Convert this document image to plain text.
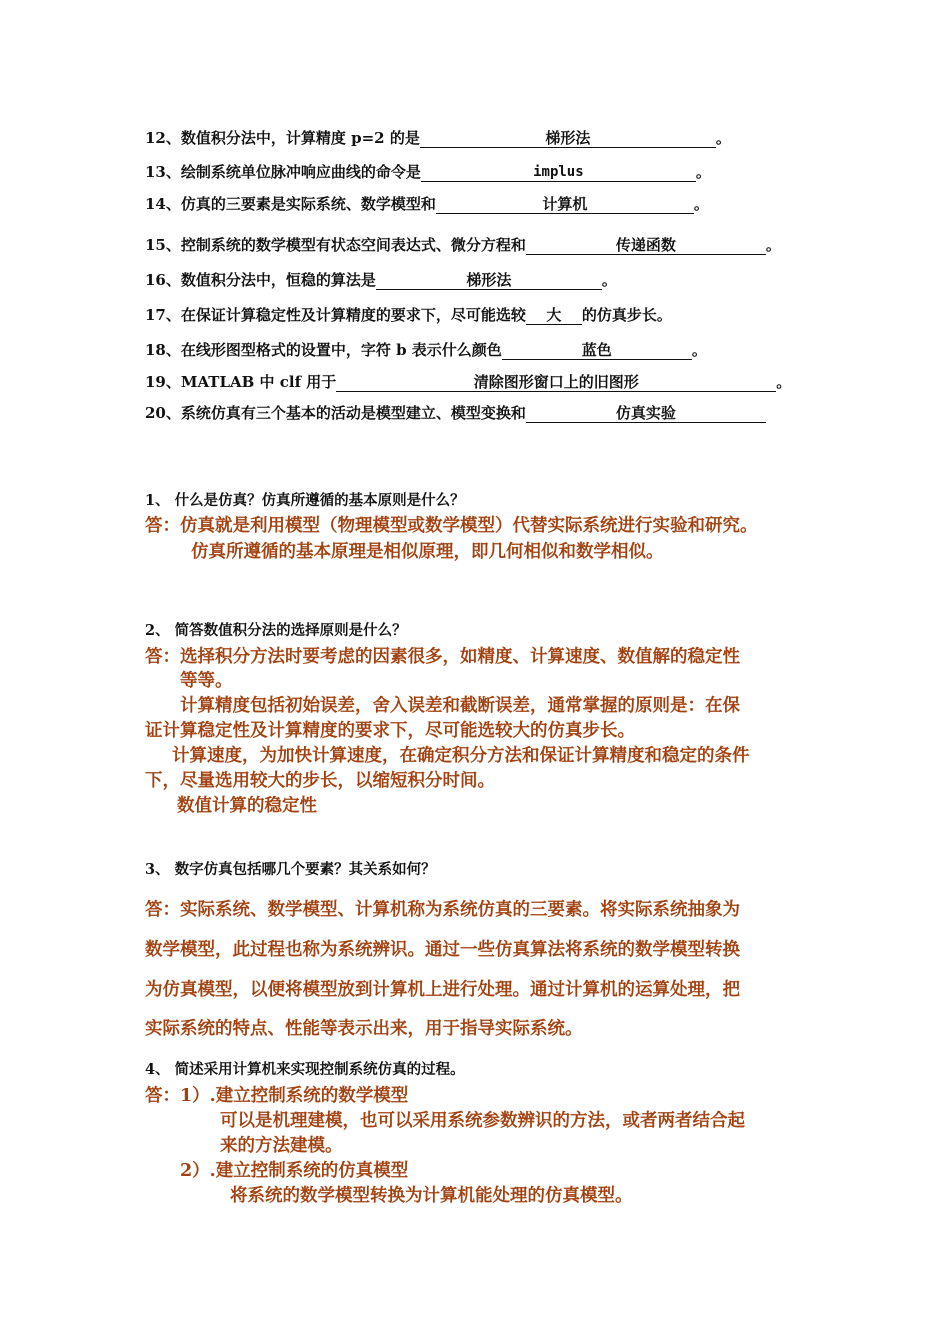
12、数值积分法中，计算精度 p=2 的是	梯形法	。
13、绘制系统单位脉冲响应曲线的命令是	implus	。
14、仿真的三要素是实际系统、数学模型和	计算机	。
15、控制系统的数学模型有状态空间表达式、微分方程和	传递函数	。
16、数值积分法中，恒稳的算法是	梯形法	。
17、在保证计算稳定性及计算精度的要求下，尽可能选较 大 的仿真步长。
18、在线形图型格式的设置中，字符 b 表示什么颜色	蓝色	。
19、MATLAB 中 clf 用于	清除图形窗口上的旧图形	。
20、系统仿真有三个基本的活动是模型建立、模型变换和	仿真实验
1、 什么是仿真？仿真所遵循的基本原则是什么？
答：仿真就是利用模型（物理模型或数学模型）代替实际系统进行实验和研究。
仿真所遵循的基本原理是相似原理，即几何相似和数学相似。
2、 简答数值积分法的选择原则是什么？
答：选择积分方法时要考虑的因素很多，如精度、计算速度、数值解的稳定性
等等。
计算精度包括初始误差，舍入误差和截断误差，通常掌握的原则是：在保
证计算稳定性及计算精度的要求下，尽可能选较大的仿真步长。
计算速度，为加快计算速度，在确定积分方法和保证计算精度和稳定的条件
下，尽量选用较大的步长，以缩短积分时间。
数值计算的稳定性
3、 数字仿真包括哪几个要素？其关系如何？
答：实际系统、数学模型、计算机称为系统仿真的三要素。将实际系统抽象为
数学模型，此过程也称为系统辨识。通过一些仿真算法将系统的数学模型转换
为仿真模型，以便将模型放到计算机上进行处理。通过计算机的运算处理，把
实际系统的特点、性能等表示出来，用于指导实际系统。
4、 简述采用计算机来实现控制系统仿真的过程。
答：1）.建立控制系统的数学模型
可以是机理建模，也可以采用系统参数辨识的方法，或者两者结合起
来的方法建模。
2）.建立控制系统的仿真模型
将系统的数学模型转换为计算机能处理的仿真模型。
